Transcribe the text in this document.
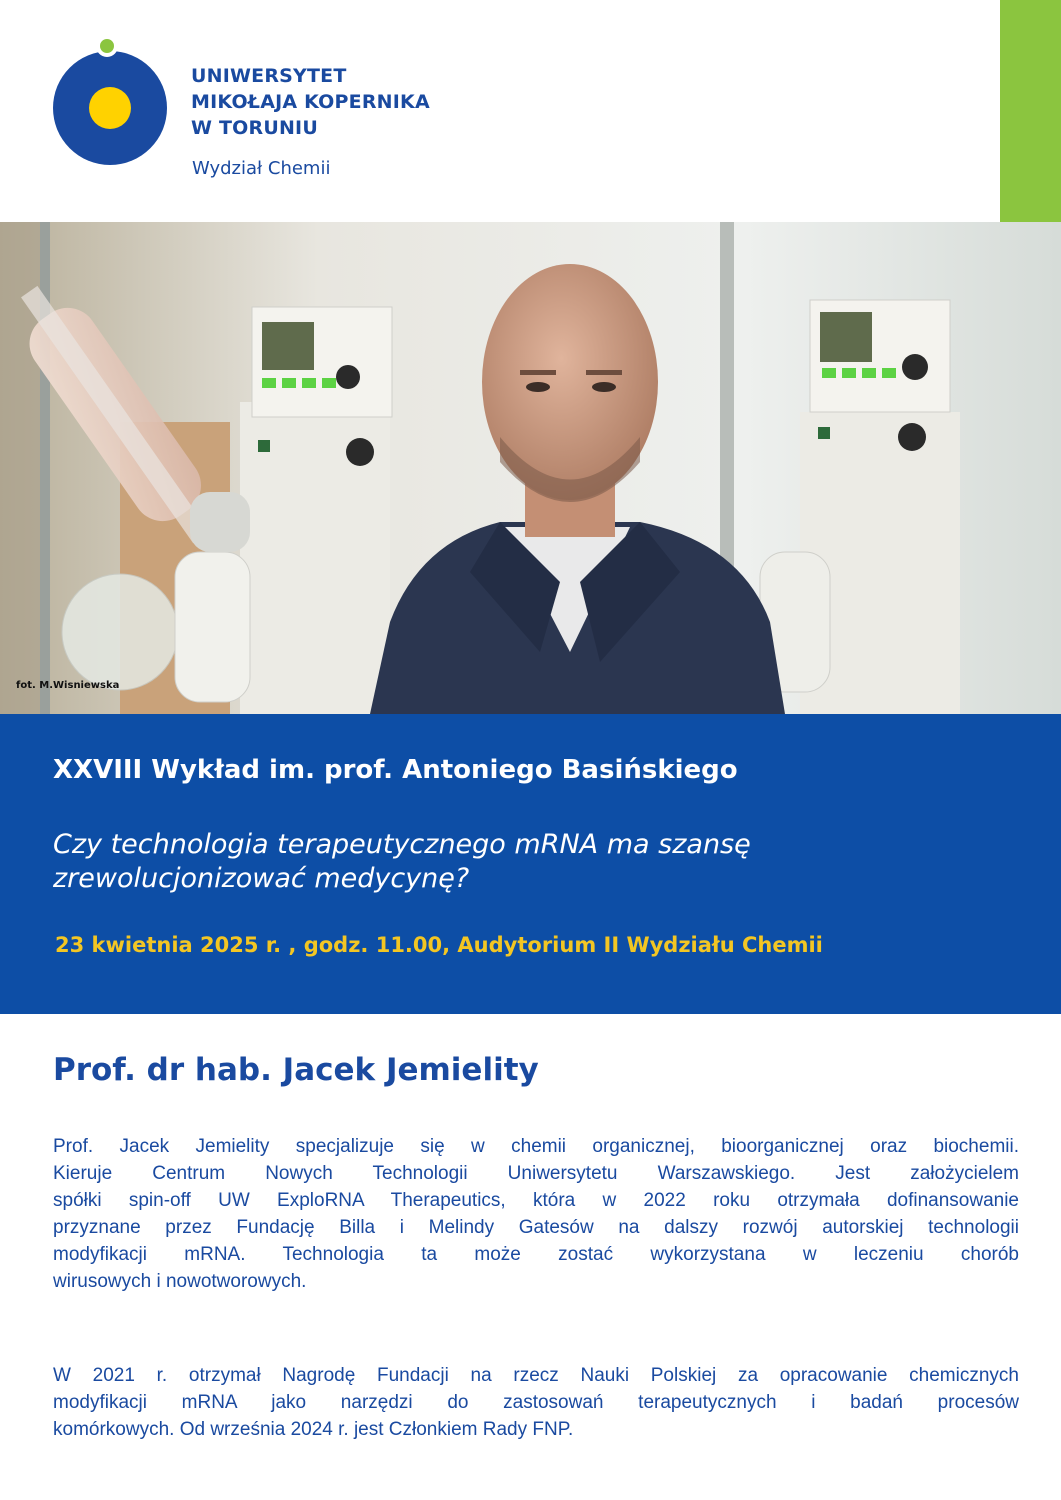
UNIWERSYTET
MIKOŁAJA KOPERNIKA
W TORUNIU
Wydział Chemii
fot. M.Wisniewska
XXVIII Wykład im. prof. Antoniego Basińskiego
Czy technologia terapeutycznego mRNA ma szansę
zrewolucjonizować medycynę?
23 kwietnia 2025 r. , godz. 11.00, Audytorium II Wydziału Chemii
Prof. dr hab. Jacek Jemielity
Prof. Jacek Jemielity specjalizuje się w chemii organicznej, bioorganicznej oraz biochemii.
Kieruje Centrum Nowych Technologii Uniwersytetu Warszawskiego. Jest założycielem
spółki spin-off UW ExploRNA Therapeutics, która w 2022 roku otrzymała dofinansowanie
przyznane przez Fundację Billa i Melindy Gatesów na dalszy rozwój autorskiej technologii
modyfikacji mRNA. Technologia ta może zostać wykorzystana w leczeniu chorób
wirusowych i nowotworowych.
W 2021 r. otrzymał Nagrodę Fundacji na rzecz Nauki Polskiej za opracowanie chemicznych
modyfikacji mRNA jako narzędzi do zastosowań terapeutycznych i badań procesów
komórkowych. Od września 2024 r. jest Członkiem Rady FNP.
